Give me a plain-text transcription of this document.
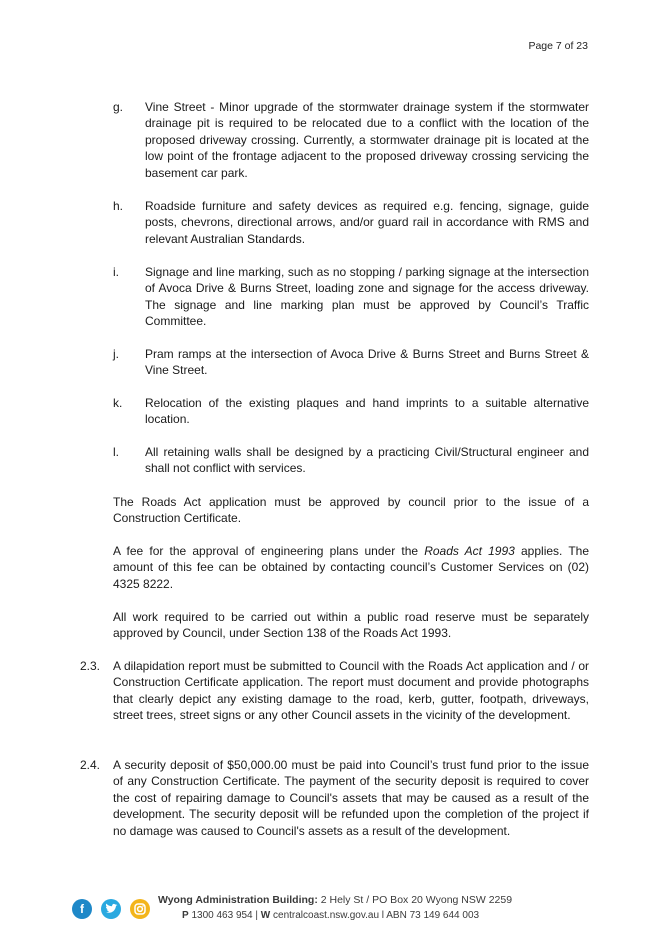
Page 7 of 23
g.	Vine Street - Minor upgrade of the stormwater drainage system if the stormwater drainage pit is required to be relocated due to a conflict with the location of the proposed driveway crossing. Currently, a stormwater drainage pit is located at the low point of the frontage adjacent to the proposed driveway crossing servicing the basement car park.
h.	Roadside furniture and safety devices as required e.g. fencing, signage, guide posts, chevrons, directional arrows, and/or guard rail in accordance with RMS and relevant Australian Standards.
i.	Signage and line marking, such as no stopping / parking signage at the intersection of Avoca Drive & Burns Street, loading zone and signage for the access driveway. The signage and line marking plan must be approved by Council’s Traffic Committee.
j.	Pram ramps at the intersection of Avoca Drive & Burns Street and Burns Street & Vine Street.
k.	Relocation of the existing plaques and hand imprints to a suitable alternative location.
l.	All retaining walls shall be designed by a practicing Civil/Structural engineer and shall not conflict with services.

The Roads Act application must be approved by council prior to the issue of a Construction Certificate.

A fee for the approval of engineering plans under the Roads Act 1993 applies. The amount of this fee can be obtained by contacting council’s Customer Services on (02) 4325 8222.

All work required to be carried out within a public road reserve must be separately approved by Council, under Section 138 of the Roads Act 1993.

2.3. A dilapidation report must be submitted to Council with the Roads Act application and / or Construction Certificate application. The report must document and provide photographs that clearly depict any existing damage to the road, kerb, gutter, footpath, driveways, street trees, street signs or any other Council assets in the vicinity of the development.
2.4. A security deposit of $50,000.00 must be paid into Council’s trust fund prior to the issue of any Construction Certificate. The payment of the security deposit is required to cover the cost of repairing damage to Council's assets that may be caused as a result of the development. The security deposit will be refunded upon the completion of the project if no damage was caused to Council's assets as a result of the development.
f
Wyong Administration Building: 2 Hely St / PO Box 20 Wyong NSW 2259
P 1300 463 954 | W centralcoast.nsw.gov.au l ABN 73 149 644 003
